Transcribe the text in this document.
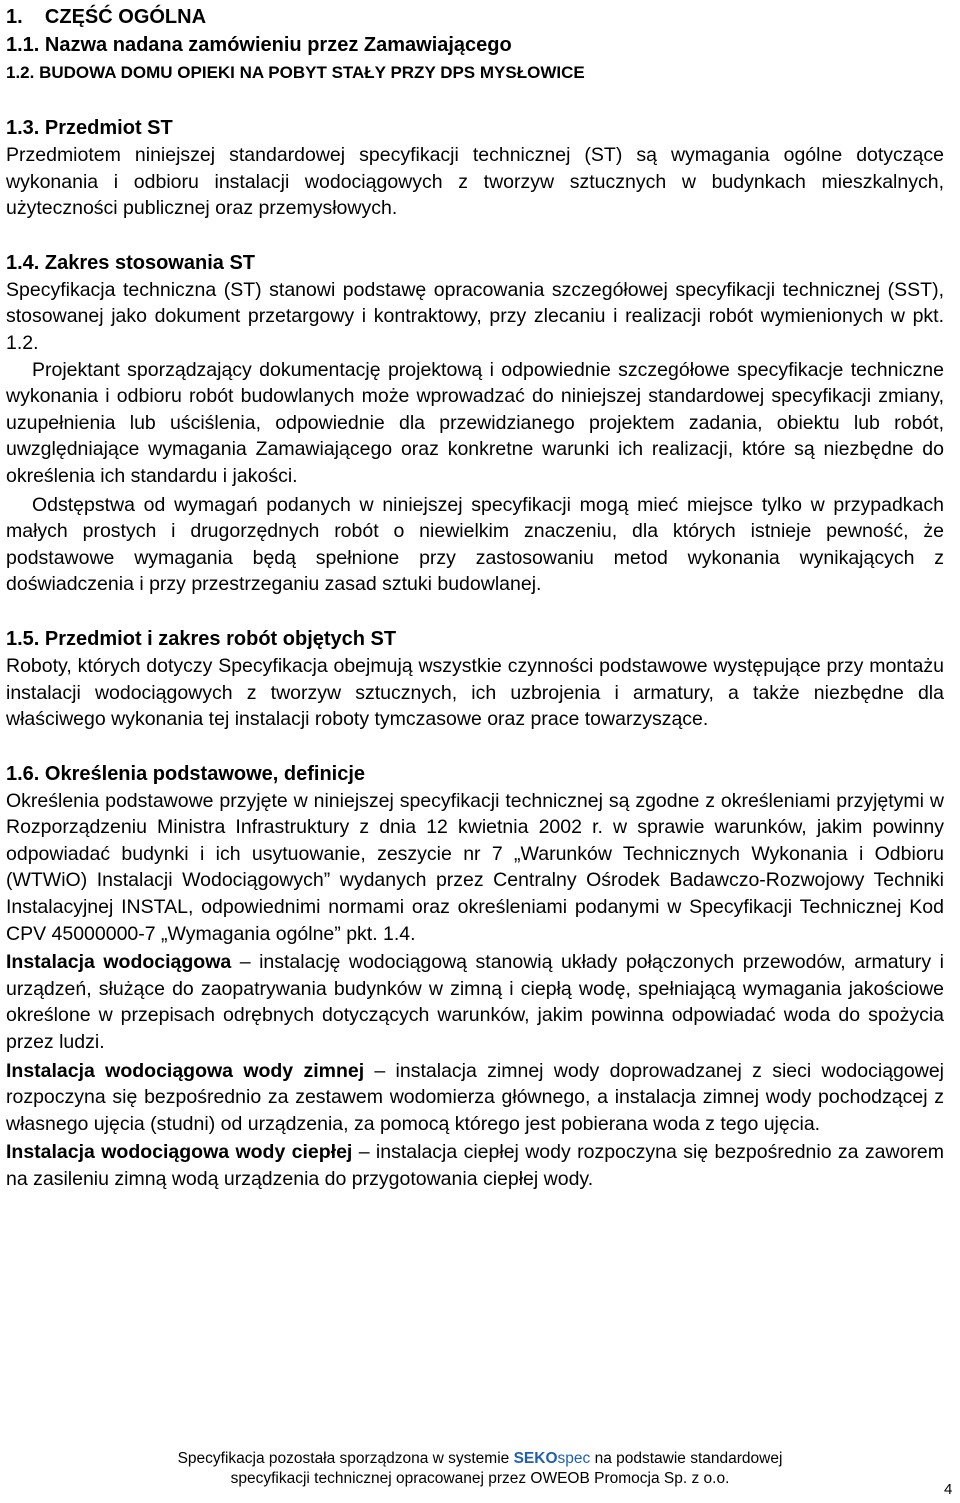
1. CZĘŚĆ OGÓLNA

1.1. Nazwa nadana zamówieniu przez Zamawiającego

1.2. BUDOWA DOMU OPIEKI NA POBYT STAŁY PRZY DPS MYSŁOWICE

1.3. Przedmiot ST

Przedmiotem niniejszej standardowej specyfikacji technicznej (ST) są wymagania ogólne dotyczące wykonania i odbioru instalacji wodociągowych z tworzyw sztucznych w budynkach mieszkalnych, użyteczności publicznej oraz przemysłowych.

1.4. Zakres stosowania ST

Specyfikacja techniczna (ST) stanowi podstawę opracowania szczegółowej specyfikacji technicznej (SST), stosowanej jako dokument przetargowy i kontraktowy, przy zlecaniu i realizacji robót wymienionych w pkt. 1.2.

Projektant sporządzający dokumentację projektową i odpowiednie szczegółowe specyfikacje techniczne wykonania i odbioru robót budowlanych może wprowadzać do niniejszej standardowej specyfikacji zmiany, uzupełnienia lub uściślenia, odpowiednie dla przewidzianego projektem zadania, obiektu lub robót, uwzględniające wymagania Zamawiającego oraz konkretne warunki ich realizacji, które są niezbędne do określenia ich standardu i jakości.

Odstępstwa od wymagań podanych w niniejszej specyfikacji mogą mieć miejsce tylko w przypadkach małych prostych i drugorzędnych robót o niewielkim znaczeniu, dla których istnieje pewność, że podstawowe wymagania będą spełnione przy zastosowaniu metod wykonania wynikających z doświadczenia i przy przestrzeganiu zasad sztuki budowlanej.

1.5. Przedmiot i zakres robót objętych ST

Roboty, których dotyczy Specyfikacja obejmują wszystkie czynności podstawowe występujące przy montażu instalacji wodociągowych z tworzyw sztucznych, ich uzbrojenia i armatury, a także niezbędne dla właściwego wykonania tej instalacji roboty tymczasowe oraz prace towarzyszące.

1.6. Określenia podstawowe, definicje

Określenia podstawowe przyjęte w niniejszej specyfikacji technicznej są zgodne z określeniami przyjętymi w Rozporządzeniu Ministra Infrastruktury z dnia 12 kwietnia 2002 r. w sprawie warunków, jakim powinny odpowiadać budynki i ich usytuowanie, zeszycie nr 7 „Warunków Technicznych Wykonania i Odbioru (WTWiO) Instalacji Wodociągowych” wydanych przez Centralny Ośrodek Badawczo-Rozwojowy Techniki Instalacyjnej INSTAL, odpowiednimi normami oraz określeniami podanymi w Specyfikacji Technicznej Kod CPV 45000000-7 „Wymagania ogólne” pkt. 1.4.

Instalacja wodociągowa – instalację wodociągową stanowią układy połączonych przewodów, armatury i urządzeń, służące do zaopatrywania budynków w zimną i ciepłą wodę, spełniającą wymagania jakościowe określone w przepisach odrębnych dotyczących warunków, jakim powinna odpowiadać woda do spożycia przez ludzi.

Instalacja wodociągowa wody zimnej – instalacja zimnej wody doprowadzanej z sieci wodociągowej rozpoczyna się bezpośrednio za zestawem wodomierza głównego, a instalacja zimnej wody pochodzącej z własnego ujęcia (studni) od urządzenia, za pomocą którego jest pobierana woda z tego ujęcia.

Instalacja wodociągowa wody ciepłej – instalacja ciepłej wody rozpoczyna się bezpośrednio za zaworem na zasileniu zimną wodą urządzenia do przygotowania ciepłej wody.

Specyfikacja pozostała sporządzona w systemie SEKOspec na podstawie standardowej
specyfikacji technicznej opracowanej przez OWEOB Promocja Sp. z o.o.
4
